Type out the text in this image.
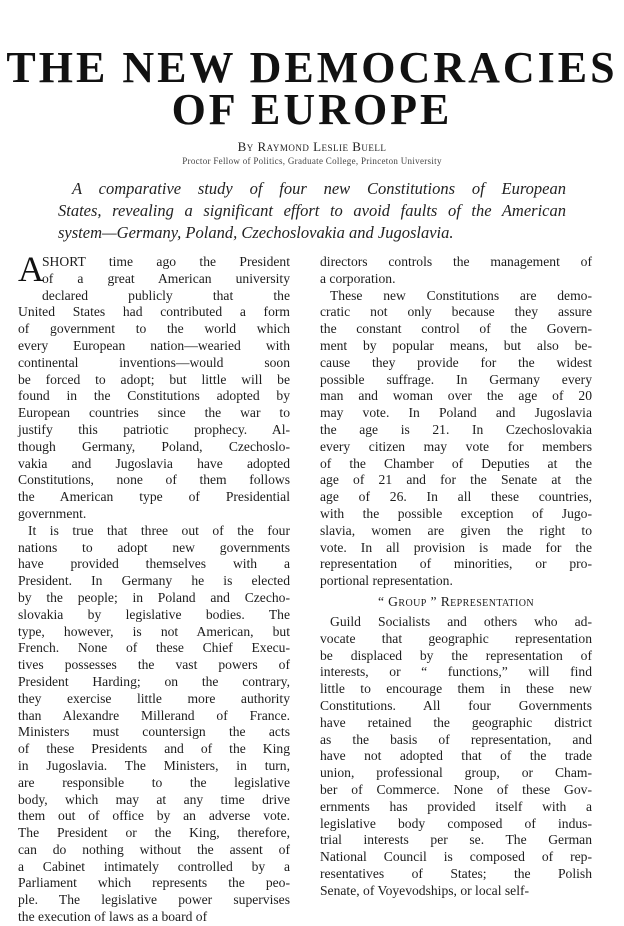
THE NEW DEMOCRACIES
OF EUROPE
By Raymond Leslie Buell
Proctor Fellow of Politics, Graduate College, Princeton University
A comparative study of four new Constitutions of European
States, revealing a significant effort to avoid faults of the American
system—Germany, Poland, Czechoslovakia and Jugoslavia.
A
SHORT time ago the President
of a great American university
declared publicly that the
United States had contributed a form
of government to the world which
every European nation—wearied with
continental inventions—would soon
be forced to adopt; but little will be
found in the Constitutions adopted by
European countries since the war to
justify this patriotic prophecy. Al-
though Germany, Poland, Czechoslo-
vakia and Jugoslavia have adopted
Constitutions, none of them follows
the American type of Presidential
government.
It is true that three out of the four
nations to adopt new governments
have provided themselves with a
President. In Germany he is elected
by the people; in Poland and Czecho-
slovakia by legislative bodies. The
type, however, is not American, but
French. None of these Chief Execu-
tives possesses the vast powers of
President Harding; on the contrary,
they exercise little more authority
than Alexandre Millerand of France.
Ministers must countersign the acts
of these Presidents and of the King
in Jugoslavia. The Ministers, in turn,
are responsible to the legislative
body, which may at any time drive
them out of office by an adverse vote.
The President or the King, therefore,
can do nothing without the assent of
a Cabinet intimately controlled by a
Parliament which represents the peo-
ple. The legislative power supervises
the execution of laws as a board of
directors controls the management of
a corporation.
These new Constitutions are demo-
cratic not only because they assure
the constant control of the Govern-
ment by popular means, but also be-
cause they provide for the widest
possible suffrage. In Germany every
man and woman over the age of 20
may vote. In Poland and Jugoslavia
the age is 21. In Czechoslovakia
every citizen may vote for members
of the Chamber of Deputies at the
age of 21 and for the Senate at the
age of 26. In all these countries,
with the possible exception of Jugo-
slavia, women are given the right to
vote. In all provision is made for the
representation of minorities, or pro-
portional representation.
“ Group ” Representation
Guild Socialists and others who ad-
vocate that geographic representation
be displaced by the representation of
interests, or “ functions,” will find
little to encourage them in these new
Constitutions. All four Governments
have retained the geographic district
as the basis of representation, and
have not adopted that of the trade
union, professional group, or Cham-
ber of Commerce. None of these Gov-
ernments has provided itself with a
legislative body composed of indus-
trial interests per se. The German
National Council is composed of rep-
resentatives of States; the Polish
Senate, of Voyevodships, or local self-
